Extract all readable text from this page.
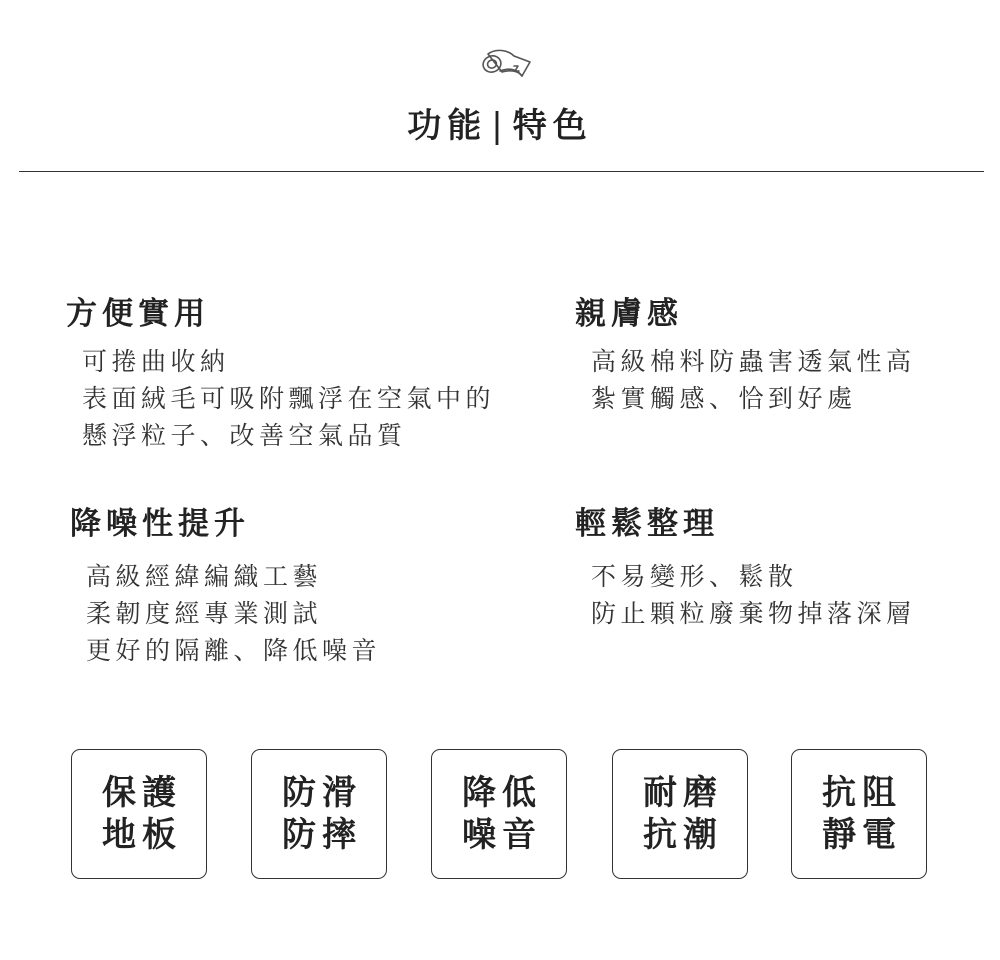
功能 | 特色
方便實用
可捲曲收納
表面絨毛可吸附飄浮在空氣中的
懸浮粒子、改善空氣品質
親膚感
高級棉料防蟲害透氣性高
紮實觸感、恰到好處
降噪性提升
高級經緯編織工藝
柔韌度經專業測試
更好的隔離、降低噪音
輕鬆整理
不易變形、鬆散
防止顆粒廢棄物掉落深層
保護
地板
防滑
防摔
降低
噪音
耐磨
抗潮
抗阻
靜電
